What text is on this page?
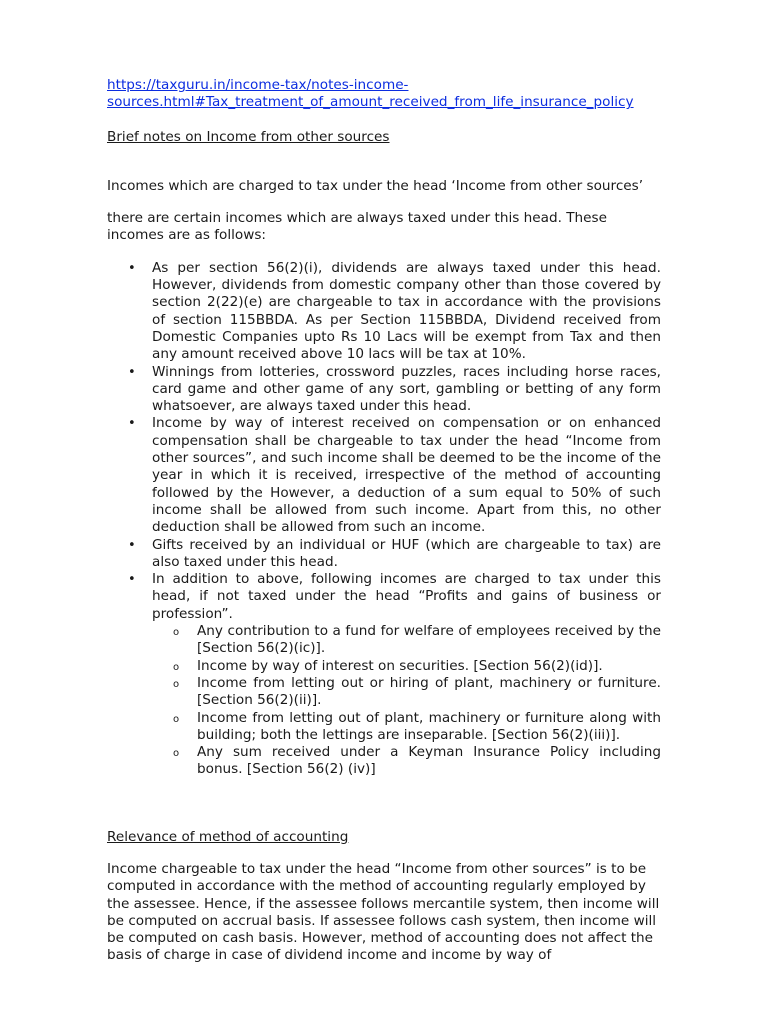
https://taxguru.in/income-tax/notes-income-
sources.html#Tax_treatment_of_amount_received_from_life_insurance_policy

Brief notes on Income from other sources

Incomes which are charged to tax under the head ‘Income from other sources’

there are certain incomes which are always taxed under this head. These incomes are as follows:

• As per section 56(2)(i), dividends are always taxed under this head. However, dividends from domestic company other than those covered by section 2(22)(e) are chargeable to tax in accordance with the provisions of section 115BBDA. As per Section 115BBDA, Dividend received from Domestic Companies upto Rs 10 Lacs will be exempt from Tax and then any amount received above 10 lacs will be tax at 10%.
• Winnings from lotteries, crossword puzzles, races including horse races, card game and other game of any sort, gambling or betting of any form whatsoever, are always taxed under this head.
• Income by way of interest received on compensation or on enhanced compensation shall be chargeable to tax under the head “Income from other sources”, and such income shall be deemed to be the income of the year in which it is received, irrespective of the method of accounting followed by the However, a deduction of a sum equal to 50% of such income shall be allowed from such income. Apart from this, no other deduction shall be allowed from such an income.
• Gifts received by an individual or HUF (which are chargeable to tax) are also taxed under this head.
• In addition to above, following incomes are charged to tax under this head, if not taxed under the head “Profits and gains of business or profession”.
o Any contribution to a fund for welfare of employees received by the [Section 56(2)(ic)].
o Income by way of interest on securities. [Section 56(2)(id)].
o Income from letting out or hiring of plant, machinery or furniture. [Section 56(2)(ii)].
o Income from letting out of plant, machinery or furniture along with building; both the lettings are inseparable. [Section 56(2)(iii)].
o Any sum received under a Keyman Insurance Policy including bonus. [Section 56(2) (iv)]

Relevance of method of accounting

Income chargeable to tax under the head “Income from other sources” is to be computed in accordance with the method of accounting regularly employed by the assessee. Hence, if the assessee follows mercantile system, then income will be computed on accrual basis. If assessee follows cash system, then income will be computed on cash basis. However, method of accounting does not affect the basis of charge in case of dividend income and income by way of
